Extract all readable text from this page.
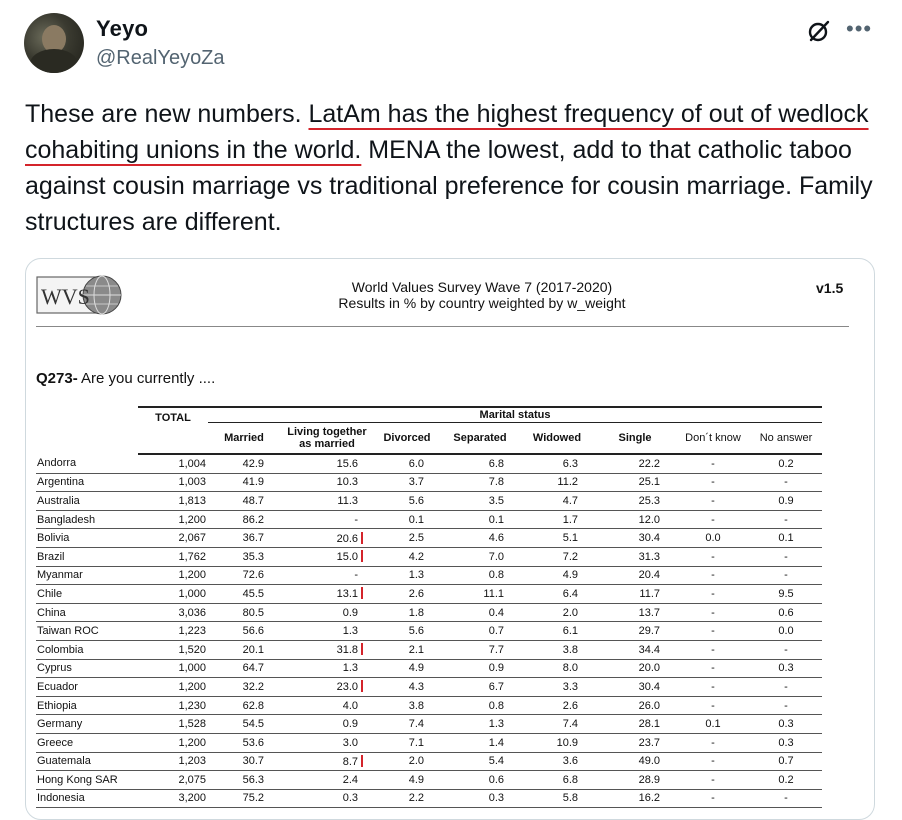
Yeyo
@RealYeyoZa
•••
These are new numbers. LatAm has the highest frequency of out of wedlock cohabiting unions in the world. MENA the lowest, add to that catholic taboo against cousin marriage vs traditional preference for cousin marriage. Family structures are different.
WVS	World Values Survey Wave 7 (2017-2020)
Results in % by country weighted by w_weight
v1.5
Q273- Are you currently ....
	TOTAL	Marital status							
		Married	Living together as married	Divorced	Separated	Widowed	Single	Don´t know	No answer
Andorra	1,004	42.9	15.6	6.0	6.8	6.3	22.2	-	0.2
Argentina	1,003	41.9	10.3	3.7	7.8	11.2	25.1	-	-
Australia	1,813	48.7	11.3	5.6	3.5	4.7	25.3	-	0.9
Bangladesh	1,200	86.2	-	0.1	0.1	1.7	12.0	-	-
Bolivia	2,067	36.7	20.6	2.5	4.6	5.1	30.4	0.0	0.1
Brazil	1,762	35.3	15.0	4.2	7.0	7.2	31.3	-	-
Myanmar	1,200	72.6	-	1.3	0.8	4.9	20.4	-	-
Chile	1,000	45.5	13.1	2.6	11.1	6.4	11.7	-	9.5
China	3,036	80.5	0.9	1.8	0.4	2.0	13.7	-	0.6
Taiwan ROC	1,223	56.6	1.3	5.6	0.7	6.1	29.7	-	0.0
Colombia	1,520	20.1	31.8	2.1	7.7	3.8	34.4	-	-
Cyprus	1,000	64.7	1.3	4.9	0.9	8.0	20.0	-	0.3
Ecuador	1,200	32.2	23.0	4.3	6.7	3.3	30.4	-	-
Ethiopia	1,230	62.8	4.0	3.8	0.8	2.6	26.0	-	-
Germany	1,528	54.5	0.9	7.4	1.3	7.4	28.1	0.1	0.3
Greece	1,200	53.6	3.0	7.1	1.4	10.9	23.7	-	0.3
Guatemala	1,203	30.7	8.7	2.0	5.4	3.6	49.0	-	0.7
Hong Kong SAR	2,075	56.3	2.4	4.9	0.6	6.8	28.9	-	0.2
Indonesia	3,200	75.2	0.3	2.2	0.3	5.8	16.2	-	-
